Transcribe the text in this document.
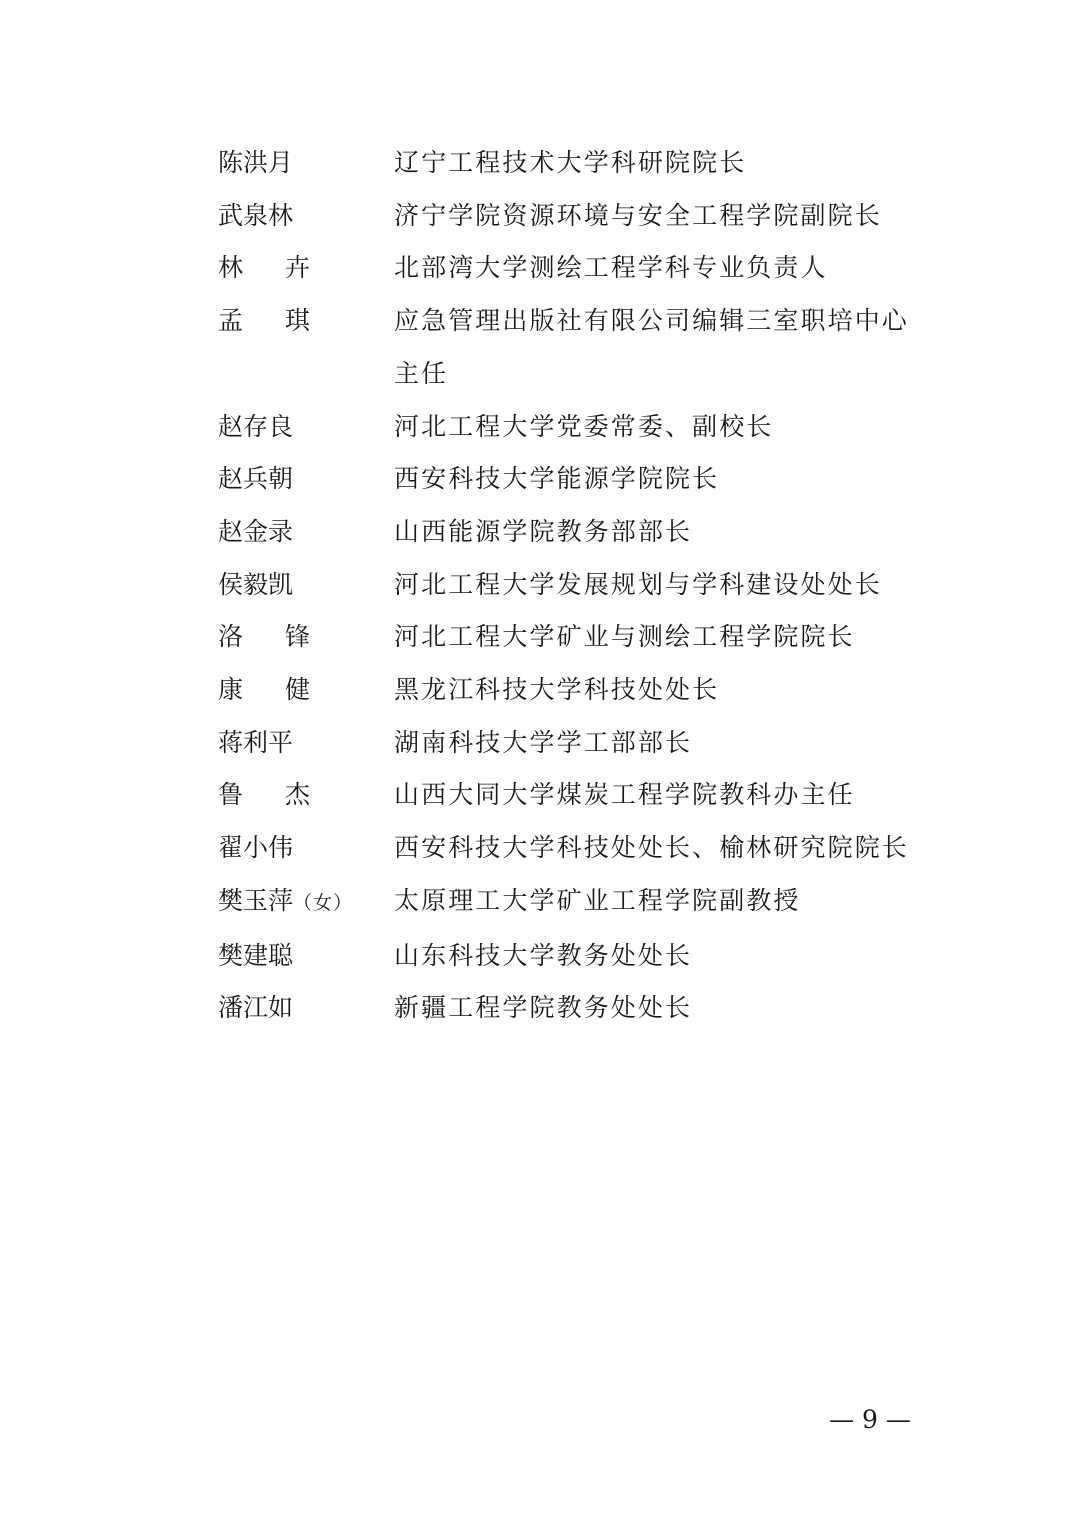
陈洪月	辽宁工程技术大学科研院院长
武泉林	济宁学院资源环境与安全工程学院副院长
林 卉	北部湾大学测绘工程学科专业负责人
孟 琪	应急管理出版社有限公司编辑三室职培中心
主任
赵存良	河北工程大学党委常委、副校长
赵兵朝	西安科技大学能源学院院长
赵金录	山西能源学院教务部部长
侯毅凯	河北工程大学发展规划与学科建设处处长
洛 锋	河北工程大学矿业与测绘工程学院院长
康 健	黑龙江科技大学科技处处长
蒋利平	湖南科技大学学工部部长
鲁 杰	山西大同大学煤炭工程学院教科办主任
翟小伟	西安科技大学科技处处长、榆林研究院院长
樊玉萍（女）	太原理工大学矿业工程学院副教授
樊建聪	山东科技大学教务处处长
潘江如	新疆工程学院教务处处长
— 9 —
